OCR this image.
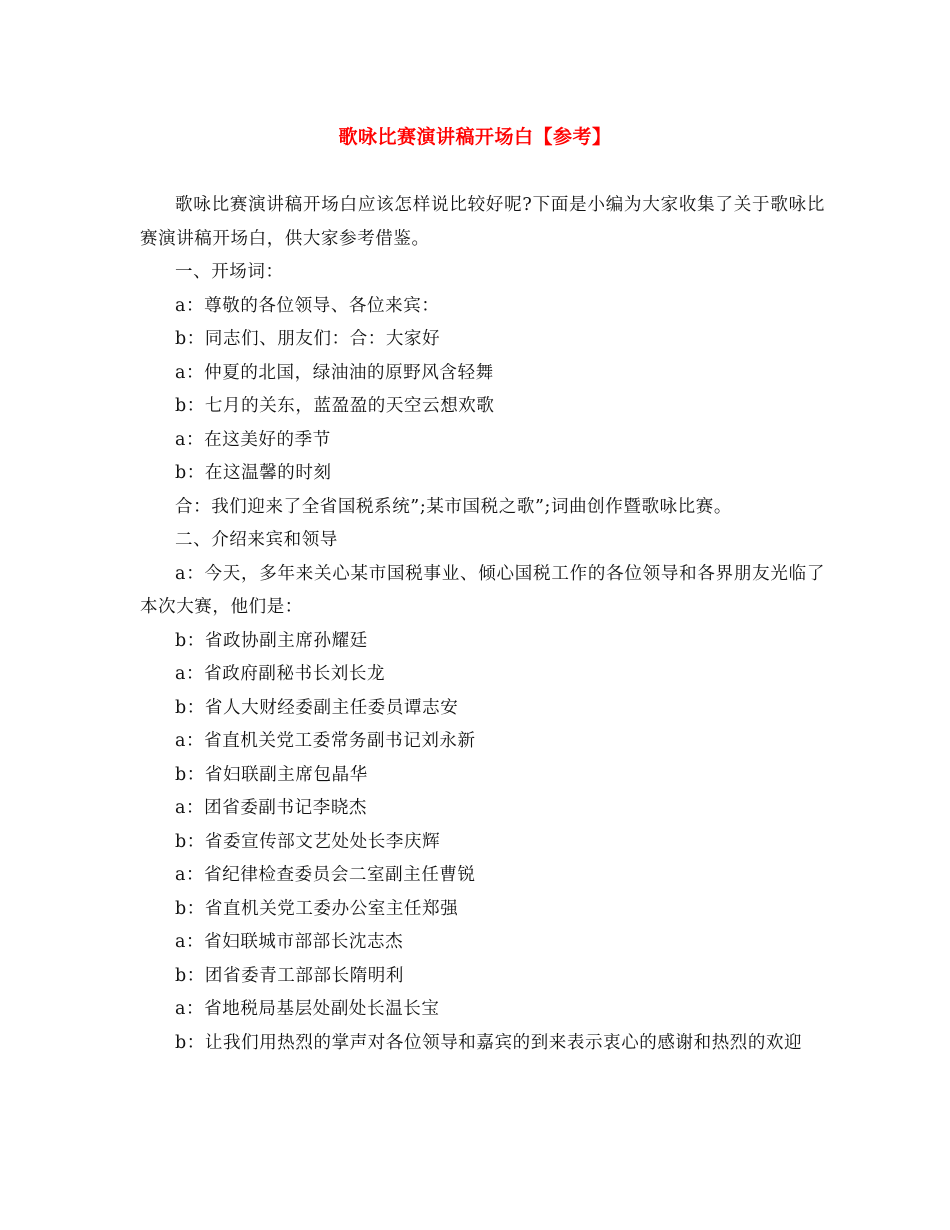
歌咏比赛演讲稿开场白【参考】

歌咏比赛演讲稿开场白应该怎样说比较好呢?下面是小编为大家收集了关于歌咏比赛演讲稿开场白，供大家参考借鉴。

一、开场词：

a：尊敬的各位领导、各位来宾：

b：同志们、朋友们：合：大家好

a：仲夏的北国，绿油油的原野风含轻舞

b：七月的关东，蓝盈盈的天空云想欢歌

a：在这美好的季节

b：在这温馨的时刻

合：我们迎来了全省国税系统”;某市国税之歌”;词曲创作暨歌咏比赛。

二、介绍来宾和领导

a：今天，多年来关心某市国税事业、倾心国税工作的各位领导和各界朋友光临了本次大赛，他们是：

b：省政协副主席孙耀廷

a：省政府副秘书长刘长龙

b：省人大财经委副主任委员谭志安

a：省直机关党工委常务副书记刘永新

b：省妇联副主席包晶华

a：团省委副书记李晓杰

b：省委宣传部文艺处处长李庆辉

a：省纪律检查委员会二室副主任曹锐

b：省直机关党工委办公室主任郑强

a：省妇联城市部部长沈志杰

b：团省委青工部部长隋明利

a：省地税局基层处副处长温长宝

b：让我们用热烈的掌声对各位领导和嘉宾的到来表示衷心的感谢和热烈的欢迎
